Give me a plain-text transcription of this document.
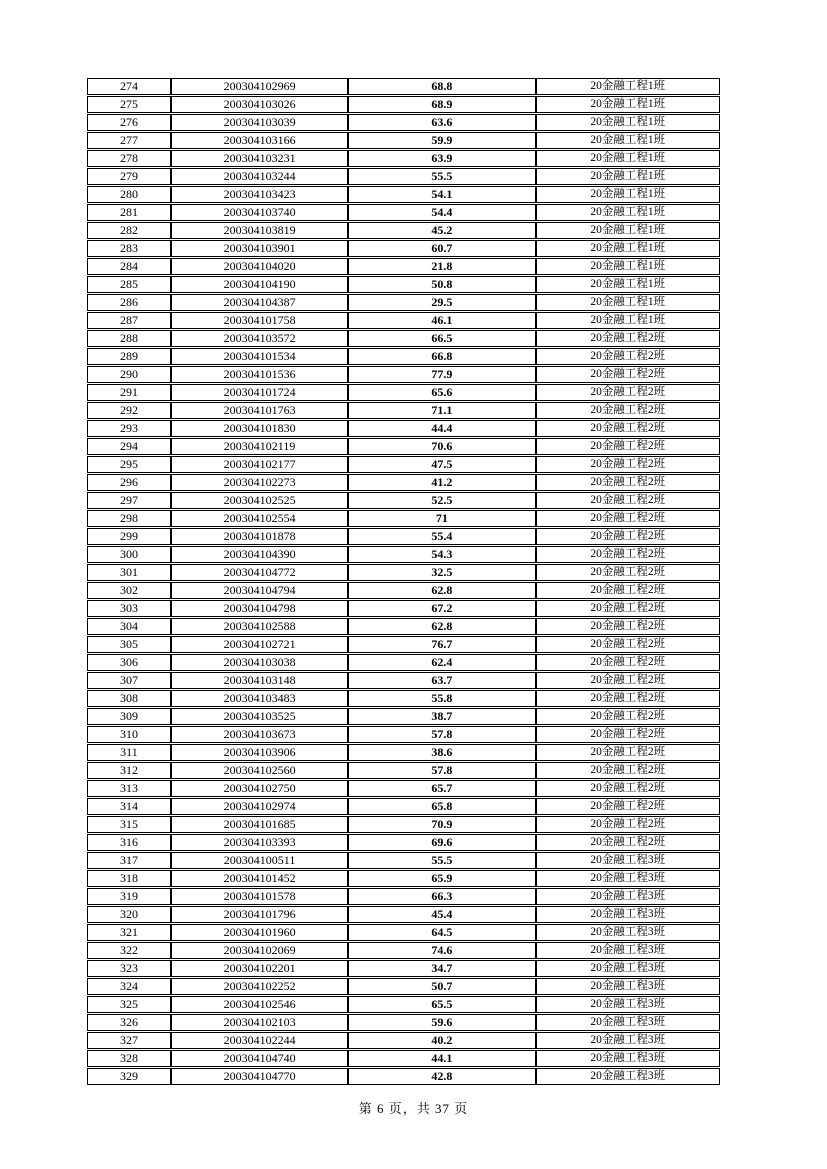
274	200304102969	68.8	20金融工程1班
275	200304103026	68.9	20金融工程1班
276	200304103039	63.6	20金融工程1班
277	200304103166	59.9	20金融工程1班
278	200304103231	63.9	20金融工程1班
279	200304103244	55.5	20金融工程1班
280	200304103423	54.1	20金融工程1班
281	200304103740	54.4	20金融工程1班
282	200304103819	45.2	20金融工程1班
283	200304103901	60.7	20金融工程1班
284	200304104020	21.8	20金融工程1班
285	200304104190	50.8	20金融工程1班
286	200304104387	29.5	20金融工程1班
287	200304101758	46.1	20金融工程1班
288	200304103572	66.5	20金融工程2班
289	200304101534	66.8	20金融工程2班
290	200304101536	77.9	20金融工程2班
291	200304101724	65.6	20金融工程2班
292	200304101763	71.1	20金融工程2班
293	200304101830	44.4	20金融工程2班
294	200304102119	70.6	20金融工程2班
295	200304102177	47.5	20金融工程2班
296	200304102273	41.2	20金融工程2班
297	200304102525	52.5	20金融工程2班
298	200304102554	71	20金融工程2班
299	200304101878	55.4	20金融工程2班
300	200304104390	54.3	20金融工程2班
301	200304104772	32.5	20金融工程2班
302	200304104794	62.8	20金融工程2班
303	200304104798	67.2	20金融工程2班
304	200304102588	62.8	20金融工程2班
305	200304102721	76.7	20金融工程2班
306	200304103038	62.4	20金融工程2班
307	200304103148	63.7	20金融工程2班
308	200304103483	55.8	20金融工程2班
309	200304103525	38.7	20金融工程2班
310	200304103673	57.8	20金融工程2班
311	200304103906	38.6	20金融工程2班
312	200304102560	57.8	20金融工程2班
313	200304102750	65.7	20金融工程2班
314	200304102974	65.8	20金融工程2班
315	200304101685	70.9	20金融工程2班
316	200304103393	69.6	20金融工程2班
317	200304100511	55.5	20金融工程3班
318	200304101452	65.9	20金融工程3班
319	200304101578	66.3	20金融工程3班
320	200304101796	45.4	20金融工程3班
321	200304101960	64.5	20金融工程3班
322	200304102069	74.6	20金融工程3班
323	200304102201	34.7	20金融工程3班
324	200304102252	50.7	20金融工程3班
325	200304102546	65.5	20金融工程3班
326	200304102103	59.6	20金融工程3班
327	200304102244	40.2	20金融工程3班
328	200304104740	44.1	20金融工程3班
329	200304104770	42.8	20金融工程3班
第 6 页，共 37 页
